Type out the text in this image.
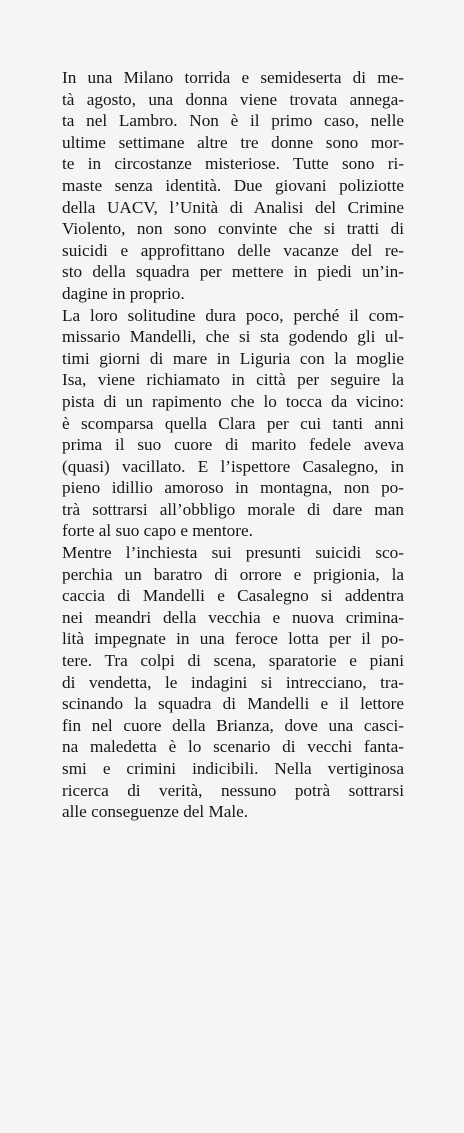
In una Milano torrida e semideserta di me-
tà agosto, una donna viene trovata annega-
ta nel Lambro. Non è il primo caso, nelle
ultime settimane altre tre donne sono mor-
te in circostanze misteriose. Tutte sono ri-
maste senza identità. Due giovani poliziotte
della UACV, l’Unità di Analisi del Crimine
Violento, non sono convinte che si tratti di
suicidi e approfittano delle vacanze del re-
sto della squadra per mettere in piedi un’in-
dagine in proprio.
La loro solitudine dura poco, perché il com-
missario Mandelli, che si sta godendo gli ul-
timi giorni di mare in Liguria con la moglie
Isa, viene richiamato in città per seguire la
pista di un rapimento che lo tocca da vicino:
è scomparsa quella Clara per cui tanti anni
prima il suo cuore di marito fedele aveva
(quasi) vacillato. E l’ispettore Casalegno, in
pieno idillio amoroso in montagna, non po-
trà sottrarsi all’obbligo morale di dare man
forte al suo capo e mentore.
Mentre l’inchiesta sui presunti suicidi sco-
perchia un baratro di orrore e prigionia, la
caccia di Mandelli e Casalegno si addentra
nei meandri della vecchia e nuova crimina-
lità impegnate in una feroce lotta per il po-
tere. Tra colpi di scena, sparatorie e piani
di vendetta, le indagini si intrecciano, tra-
scinando la squadra di Mandelli e il lettore
fin nel cuore della Brianza, dove una casci-
na maledetta è lo scenario di vecchi fanta-
smi e crimini indicibili. Nella vertiginosa
ricerca di verità, nessuno potrà sottrarsi
alle conseguenze del Male.
